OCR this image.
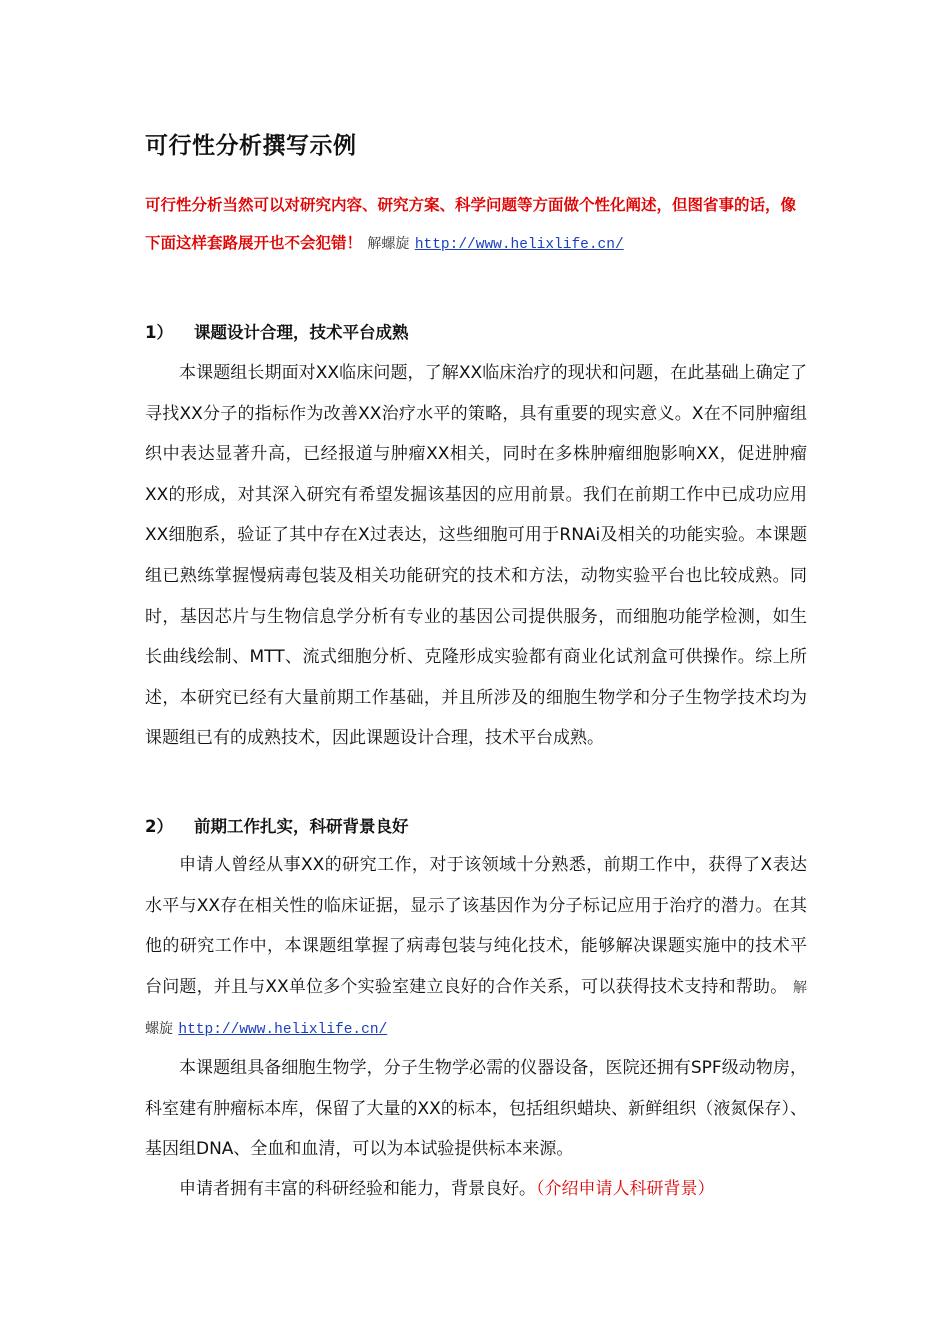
可行性分析撰写示例
可行性分析当然可以对研究内容、研究方案、科学问题等方面做个性化阐述，但图省事的话，像下面这样套路展开也不会犯错！ 解螺旋 http://www.helixlife.cn/
1） 课题设计合理，技术平台成熟
本课题组长期面对XX临床问题，了解XX临床治疗的现状和问题，在此基础上确定了寻找XX分子的指标作为改善XX治疗水平的策略，具有重要的现实意义。X在不同肿瘤组织中表达显著升高，已经报道与肿瘤XX相关，同时在多株肿瘤细胞影响XX，促进肿瘤XX的形成，对其深入研究有希望发掘该基因的应用前景。我们在前期工作中已成功应用XX细胞系，验证了其中存在X过表达，这些细胞可用于RNAi及相关的功能实验。本课题组已熟练掌握慢病毒包装及相关功能研究的技术和方法，动物实验平台也比较成熟。同时，基因芯片与生物信息学分析有专业的基因公司提供服务，而细胞功能学检测，如生长曲线绘制、MTT、流式细胞分析、克隆形成实验都有商业化试剂盒可供操作。综上所述，本研究已经有大量前期工作基础，并且所涉及的细胞生物学和分子生物学技术均为课题组已有的成熟技术，因此课题设计合理，技术平台成熟。
2） 前期工作扎实，科研背景良好
申请人曾经从事XX的研究工作，对于该领域十分熟悉，前期工作中，获得了X表达水平与XX存在相关性的临床证据，显示了该基因作为分子标记应用于治疗的潜力。在其他的研究工作中，本课题组掌握了病毒包装与纯化技术，能够解决课题实施中的技术平台问题，并且与XX单位多个实验室建立良好的合作关系，可以获得技术支持和帮助。 解螺旋 http://www.helixlife.cn/
本课题组具备细胞生物学，分子生物学必需的仪器设备，医院还拥有SPF级动物房，科室建有肿瘤标本库，保留了大量的XX的标本，包括组织蜡块、新鲜组织（液氮保存）、基因组DNA、全血和血清，可以为本试验提供标本来源。
申请者拥有丰富的科研经验和能力，背景良好。（介绍申请人科研背景）
